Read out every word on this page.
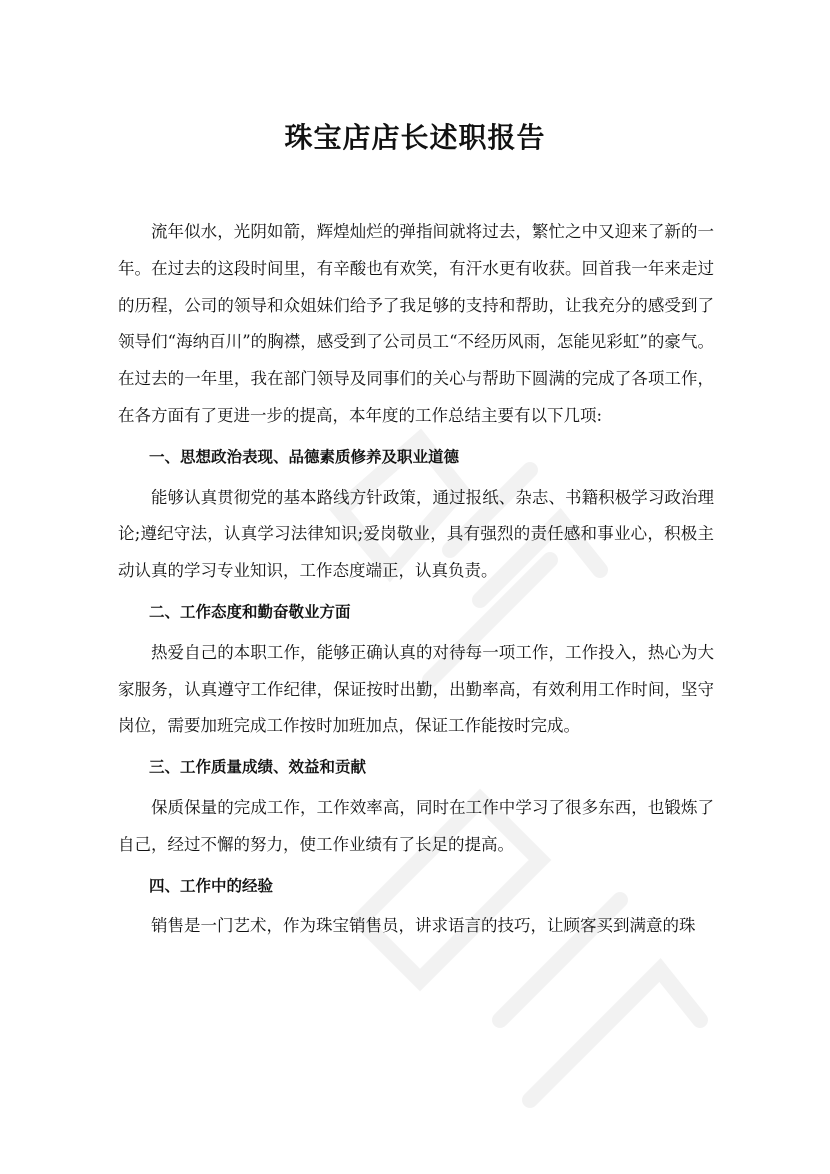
珠宝店店长述职报告

流年似水，光阴如箭，辉煌灿烂的弹指间就将过去，繁忙之中又迎来了新的一年。在过去的这段时间里，有辛酸也有欢笑，有汗水更有收获。回首我一年来走过的历程，公司的领导和众姐妹们给予了我足够的支持和帮助，让我充分的感受到了领导们“海纳百川”的胸襟，感受到了公司员工“不经历风雨，怎能见彩虹”的豪气。在过去的一年里，我在部门领导及同事们的关心与帮助下圆满的完成了各项工作，在各方面有了更进一步的提高，本年度的工作总结主要有以下几项:

一、思想政治表现、品德素质修养及职业道德

能够认真贯彻党的基本路线方针政策，通过报纸、杂志、书籍积极学习政治理论;遵纪守法，认真学习法律知识;爱岗敬业，具有强烈的责任感和事业心，积极主动认真的学习专业知识，工作态度端正，认真负责。

二、工作态度和勤奋敬业方面

热爱自己的本职工作，能够正确认真的对待每一项工作，工作投入，热心为大家服务，认真遵守工作纪律，保证按时出勤，出勤率高，有效利用工作时间，坚守岗位，需要加班完成工作按时加班加点，保证工作能按时完成。

三、工作质量成绩、效益和贡献

保质保量的完成工作，工作效率高，同时在工作中学习了很多东西，也锻炼了自己，经过不懈的努力，使工作业绩有了长足的提高。

四、工作中的经验

销售是一门艺术，作为珠宝销售员，讲求语言的技巧，让顾客买到满意的珠
